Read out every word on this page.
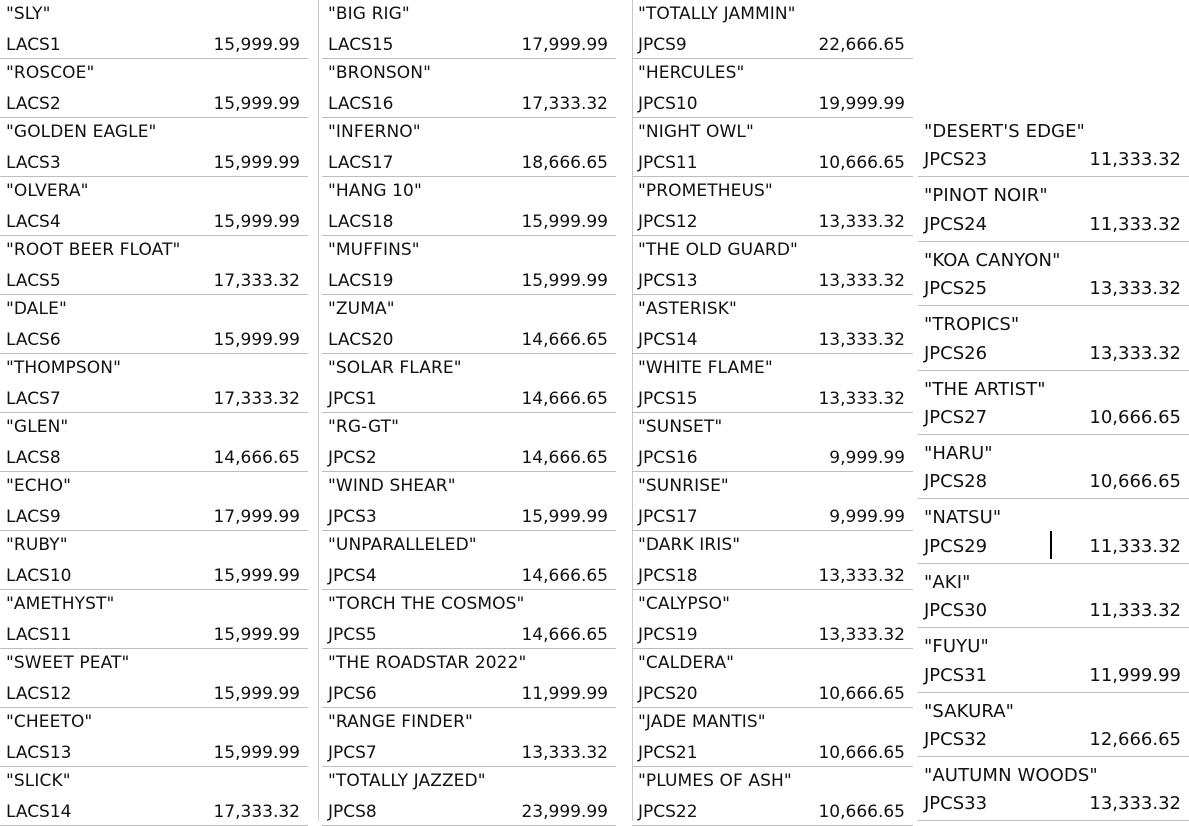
"SLY"
LACS1	15,999.99
"ROSCOE"
LACS2	15,999.99
"GOLDEN EAGLE"
LACS3	15,999.99
"OLVERA"
LACS4	15,999.99
"ROOT BEER FLOAT"
LACS5	17,333.32
"DALE"
LACS6	15,999.99
"THOMPSON"
LACS7	17,333.32
"GLEN"
LACS8	14,666.65
"ECHO"
LACS9	17,999.99
"RUBY"
LACS10	15,999.99
"AMETHYST"
LACS11	15,999.99
"SWEET PEAT"
LACS12	15,999.99
"CHEETO"
LACS13	15,999.99
"SLICK"
LACS14	17,333.32
"BIG RIG"
LACS15	17,999.99
"BRONSON"
LACS16	17,333.32
"INFERNO"
LACS17	18,666.65
"HANG 10"
LACS18	15,999.99
"MUFFINS"
LACS19	15,999.99
"ZUMA"
LACS20	14,666.65
"SOLAR FLARE"
JPCS1	14,666.65
"RG-GT"
JPCS2	14,666.65
"WIND SHEAR"
JPCS3	15,999.99
"UNPARALLELED"
JPCS4	14,666.65
"TORCH THE COSMOS"
JPCS5	14,666.65
"THE ROADSTAR 2022"
JPCS6	11,999.99
"RANGE FINDER"
JPCS7	13,333.32
"TOTALLY JAZZED"
JPCS8	23,999.99
"TOTALLY JAMMIN"
JPCS9	22,666.65
"HERCULES"
JPCS10	19,999.99
"NIGHT OWL"
JPCS11	10,666.65
"PROMETHEUS"
JPCS12	13,333.32
"THE OLD GUARD"
JPCS13	13,333.32
"ASTERISK"
JPCS14	13,333.32
"WHITE FLAME"
JPCS15	13,333.32
"SUNSET"
JPCS16	9,999.99
"SUNRISE"
JPCS17	9,999.99
"DARK IRIS"
JPCS18	13,333.32
"CALYPSO"
JPCS19	13,333.32
"CALDERA"
JPCS20	10,666.65
"JADE MANTIS"
JPCS21	10,666.65
"PLUMES OF ASH"
JPCS22	10,666.65
"DESERT'S EDGE"
JPCS23	11,333.32
"PINOT NOIR"
JPCS24	11,333.32
"KOA CANYON"
JPCS25	13,333.32
"TROPICS"
JPCS26	13,333.32
"THE ARTIST"
JPCS27	10,666.65
"HARU"
JPCS28	10,666.65
"NATSU"
JPCS29	11,333.32
"AKI"
JPCS30	11,333.32
"FUYU"
JPCS31	11,999.99
"SAKURA"
JPCS32	12,666.65
"AUTUMN WOODS"
JPCS33	13,333.32
